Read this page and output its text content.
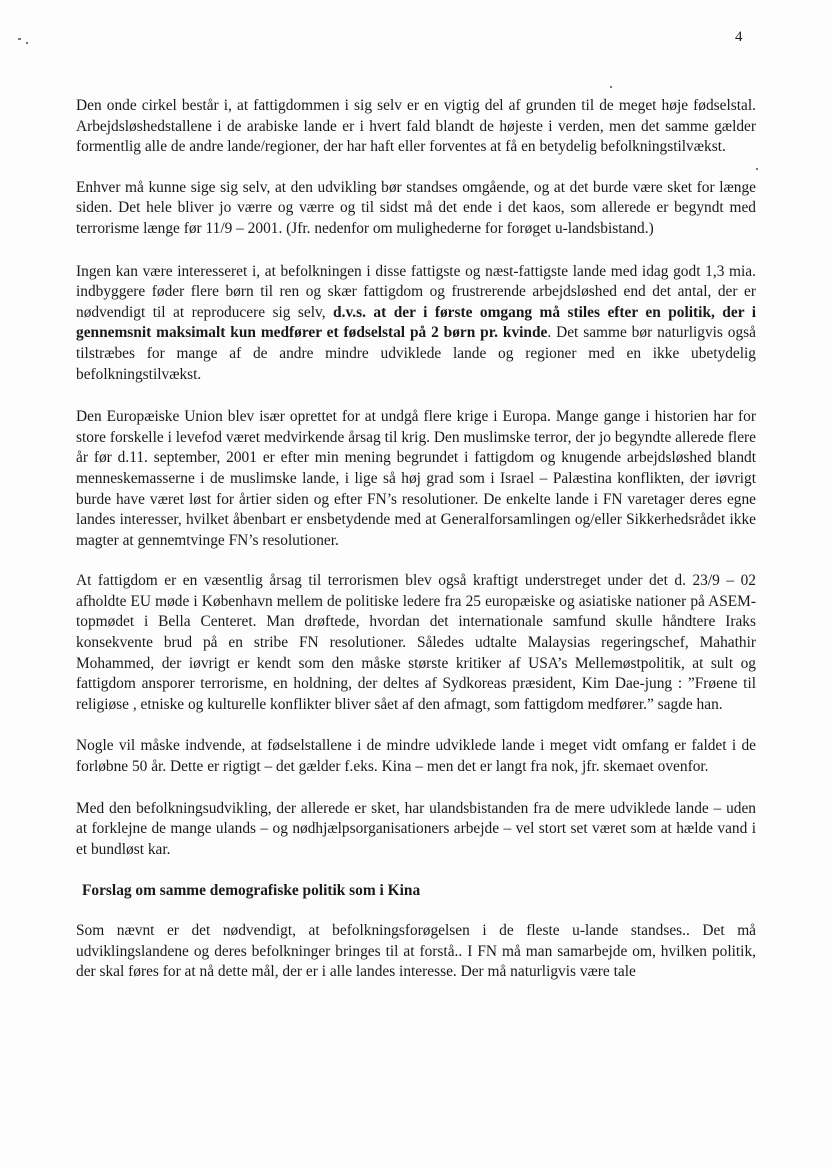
4

Den onde cirkel består i, at fattigdommen i sig selv er en vigtig del af grunden til de meget høje fødselstal. Arbejdsløshedstallene i de arabiske lande er i hvert fald blandt de højeste i verden, men det samme gælder formentlig alle de andre lande/regioner, der har haft eller forventes at få en betydelig befolkningstilvækst.

Enhver må kunne sige sig selv, at den udvikling bør standses omgående, og at det burde være sket for længe siden. Det hele bliver jo værre og værre og til sidst må det ende i det kaos, som allerede er begyndt med terrorisme længe før 11/9 – 2001. (Jfr. nedenfor om mulighederne for forøget u-landsbistand.)

Ingen kan være interesseret i, at befolkningen i disse fattigste og næst-fattigste lande med idag godt 1,3 mia. indbyggere føder flere børn til ren og skær fattigdom og frustrerende arbejdsløshed end det antal, der er nødvendigt til at reproducere sig selv, d.v.s. at der i første omgang må stiles efter en politik, der i gennemsnit maksimalt kun medfører et fødselstal på 2 børn pr. kvinde. Det samme bør naturligvis også tilstræbes for mange af de andre mindre udviklede lande og regioner med en ikke ubetydelig befolkningstilvækst.

Den Europæiske Union blev især oprettet for at undgå flere krige i Europa. Mange gange i historien har for store forskelle i levefod været medvirkende årsag til krig. Den muslimske terror, der jo begyndte allerede flere år før d.11. september, 2001 er efter min mening begrundet i fattigdom og knugende arbejdsløshed blandt menneskemasserne i de muslimske lande, i lige så høj grad som i Israel – Palæstina konflikten, der iøvrigt burde have været løst for årtier siden og efter FN’s resolutioner. De enkelte lande i FN varetager deres egne landes interesser, hvilket åbenbart er ensbetydende med at Generalforsamlingen og/eller Sikkerhedsrådet ikke magter at gennemtvinge FN’s resolutioner.

At fattigdom er en væsentlig årsag til terrorismen blev også kraftigt understreget under det d. 23/9 – 02 afholdte EU møde i København mellem de politiske ledere fra 25 europæiske og asiatiske nationer på ASEM-topmødet i Bella Centeret. Man drøftede, hvordan det internationale samfund skulle håndtere Iraks konsekvente brud på en stribe FN resolutioner. Således udtalte Malaysias regeringschef, Mahathir Mohammed, der iøvrigt er kendt som den måske største kritiker af USA’s Mellemøstpolitik, at sult og fattigdom ansporer terrorisme, en holdning, der deltes af Sydkoreas præsident, Kim Dae-jung : ”Frøene til religiøse , etniske og kulturelle konflikter bliver sået af den afmagt, som fattigdom medfører.” sagde han.

Nogle vil måske indvende, at fødselstallene i de mindre udviklede lande i meget vidt omfang er faldet i de forløbne 50 år. Dette er rigtigt – det gælder f.eks. Kina – men det er langt fra nok, jfr. skemaet ovenfor.

Med den befolkningsudvikling, der allerede er sket, har ulandsbistanden fra de mere udviklede lande – uden at forklejne de mange ulands – og nødhjælpsorganisationers arbejde – vel stort set været som at hælde vand i et bundløst kar.

Forslag om samme demografiske politik som i Kina

Som nævnt er det nødvendigt, at befolkningsforøgelsen i de fleste u-lande standses.. Det må udviklingslandene og deres befolkninger bringes til at forstå.. I FN må man samarbejde om, hvilken politik, der skal føres for at nå dette mål, der er i alle landes interesse. Der må naturligvis være tale
